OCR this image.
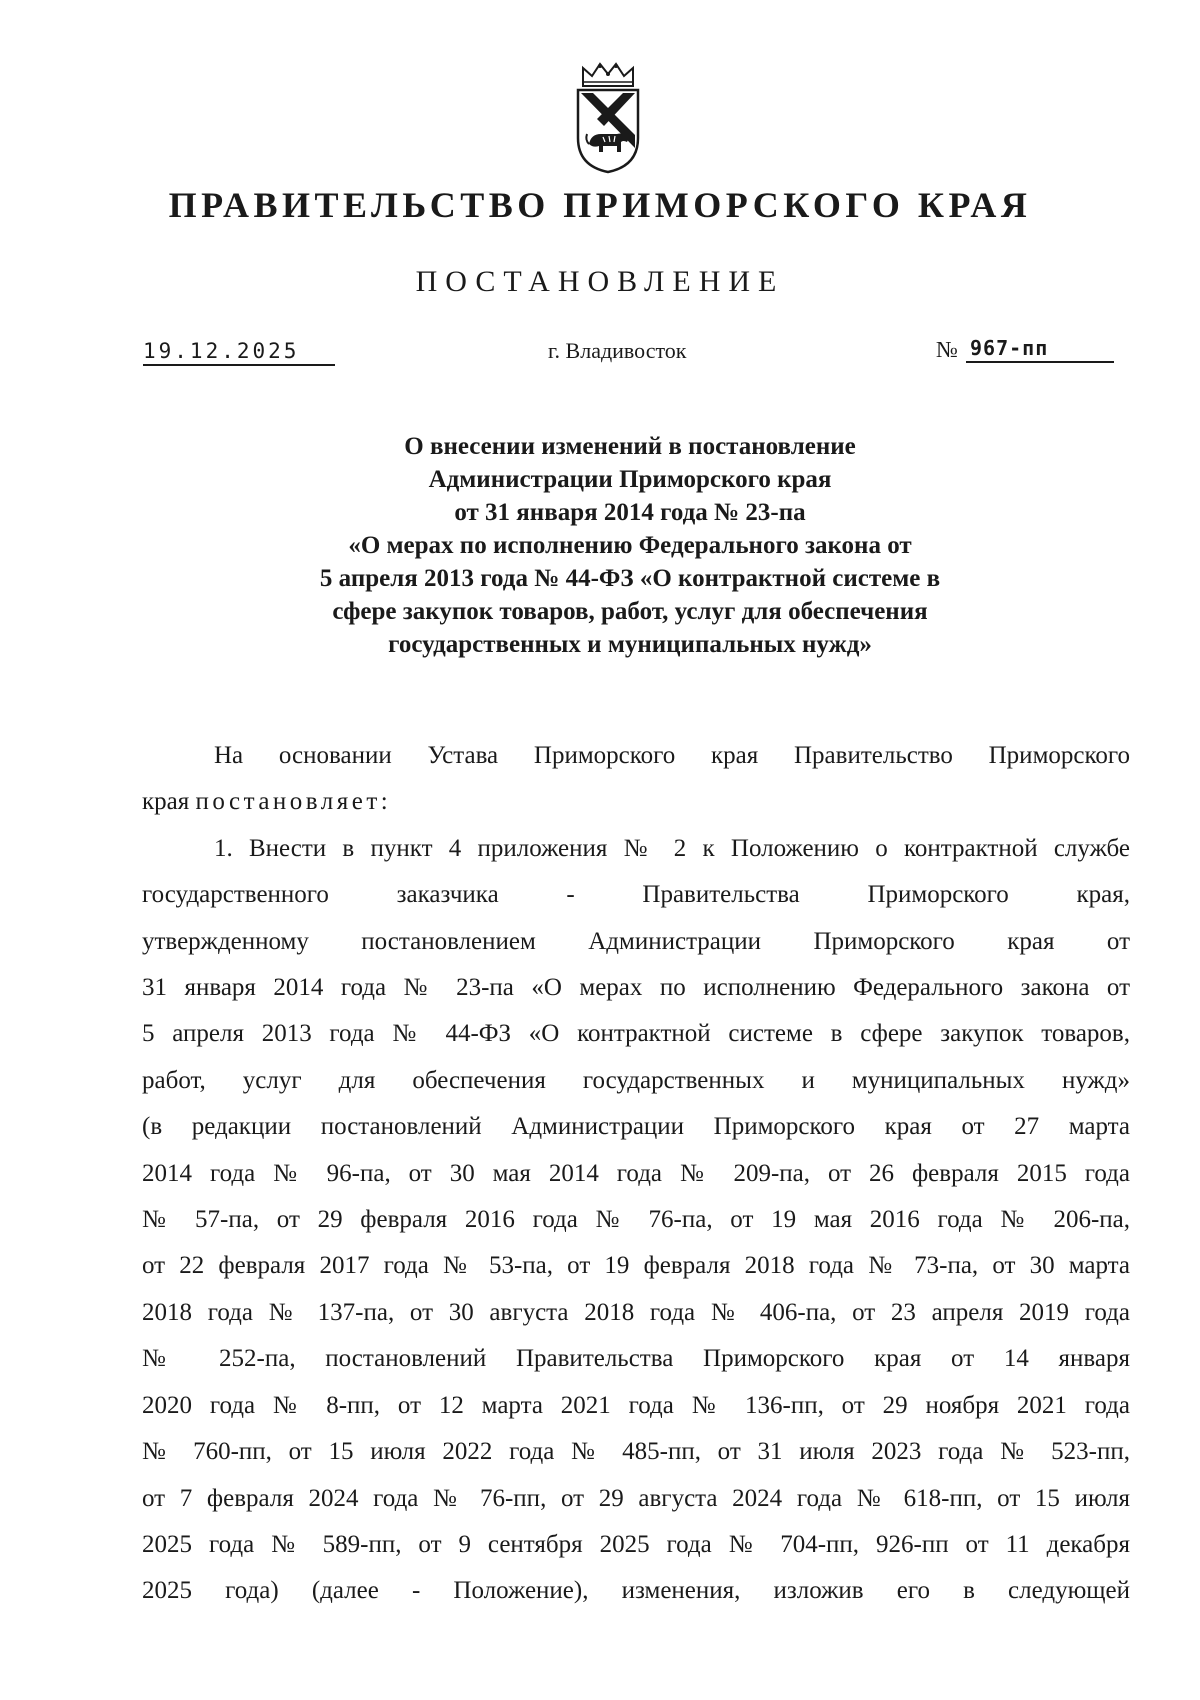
ПРАВИТЕЛЬСТВО ПРИМОРСКОГО КРАЯ
ПОСТАНОВЛЕНИЕ
19.12.2025	г. Владивосток	№ 967-пп
О внесении изменений в постановление
Администрации Приморского края
от 31 января 2014 года № 23-па
«О мерах по исполнению Федерального закона от
5 апреля 2013 года № 44-ФЗ «О контрактной системе в
сфере закупок товаров, работ, услуг для обеспечения
государственных и муниципальных нужд»
На основании Устава Приморского края Правительство Приморского
края постановляет:
1. Внести в пункт 4 приложения № 2 к Положению о контрактной службе
государственного заказчика - Правительства Приморского края,
утвержденному постановлением Администрации Приморского края от
31 января 2014 года № 23-па «О мерах по исполнению Федерального закона от
5 апреля 2013 года № 44-ФЗ «О контрактной системе в сфере закупок товаров,
работ, услуг для обеспечения государственных и муниципальных нужд»
(в редакции постановлений Администрации Приморского края от 27 марта
2014 года № 96-па, от 30 мая 2014 года № 209-па, от 26 февраля 2015 года
№ 57-па, от 29 февраля 2016 года № 76-па, от 19 мая 2016 года № 206-па,
от 22 февраля 2017 года № 53-па, от 19 февраля 2018 года № 73-па, от 30 марта
2018 года № 137-па, от 30 августа 2018 года № 406-па, от 23 апреля 2019 года
№ 252-па, постановлений Правительства Приморского края от 14 января
2020 года № 8-пп, от 12 марта 2021 года № 136-пп, от 29 ноября 2021 года
№ 760-пп, от 15 июля 2022 года № 485-пп, от 31 июля 2023 года № 523-пп,
от 7 февраля 2024 года № 76-пп, от 29 августа 2024 года № 618-пп, от 15 июля
2025 года № 589-пп, от 9 сентября 2025 года № 704-пп, 926-пп от 11 декабря
2025 года) (далее - Положение), изменения, изложив его в следующей
